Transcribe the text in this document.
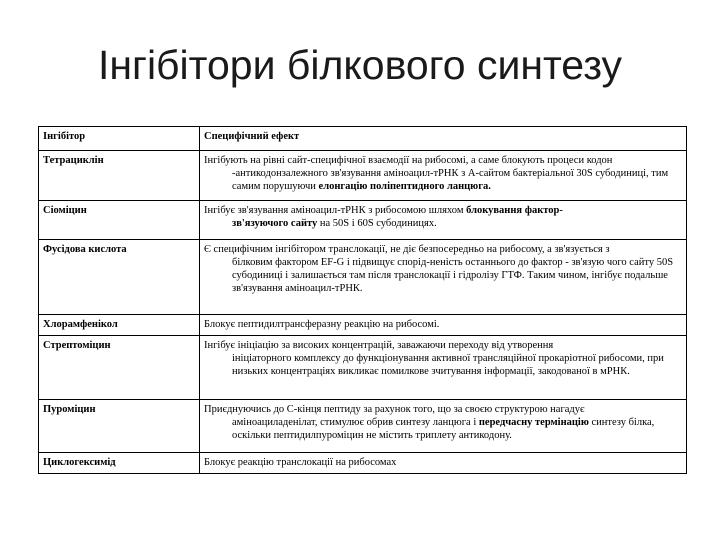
Інгібітори білкового синтезу
Інгібітор	Специфічний ефект
Тетрациклін	Інгібують на рівні сайт-специфічної взаємодії на рибосомі, а саме блокують процеси кодон
-антикодонзалежного зв'язування аміноацил-тРНК з А-сайтом бактеріальної 30S субодиниці, тим самим порушуючи елонгацію поліпептидного ланцюга.

Сіоміцин	Інгібує зв'язування аміноацил-тРНК з рибосомою шляхом блокування фактор-
зв'язуючого сайту на 50S і 60S субодиницях.

Фусідова кислота	Є специфічним інгібітором транслокації, не діє безпосередньо на рибосому, а зв'язується з
білковим фактором EF-G і підвищує спорід-неність останнього до фактор - зв'язую чого сайту 50S субодиниці і залишається там після транслокації і гідролізу ГТФ. Таким чином, інгібує подальше зв'язування аміноацил-тРНК.

Хлорамфенікол	Блокує пептидилтрансферазну реакцію на рибосомі.
Стрептоміцин	Інгібує ініціацію за високих концентрацій, заважаючи переходу від утворення
ініціаторного комплексу до функціонування активної трансляційної прокаріотної рибосоми, при низьких концентраціях викликає помилкове зчитування інформації, закодованої в мРНК.

Пуроміцин	Приєднуючись до С-кінця пептиду за рахунок того, що за своєю структурою нагадує
аміноациладенілат, стимулює обрив синтезу ланцюга і передчасну термінацію синтезу білка, оскільки пептидилпуроміцин не містить триплету антикодону.

Циклогексимід	Блокує реакцію транслокації на рибосомах
